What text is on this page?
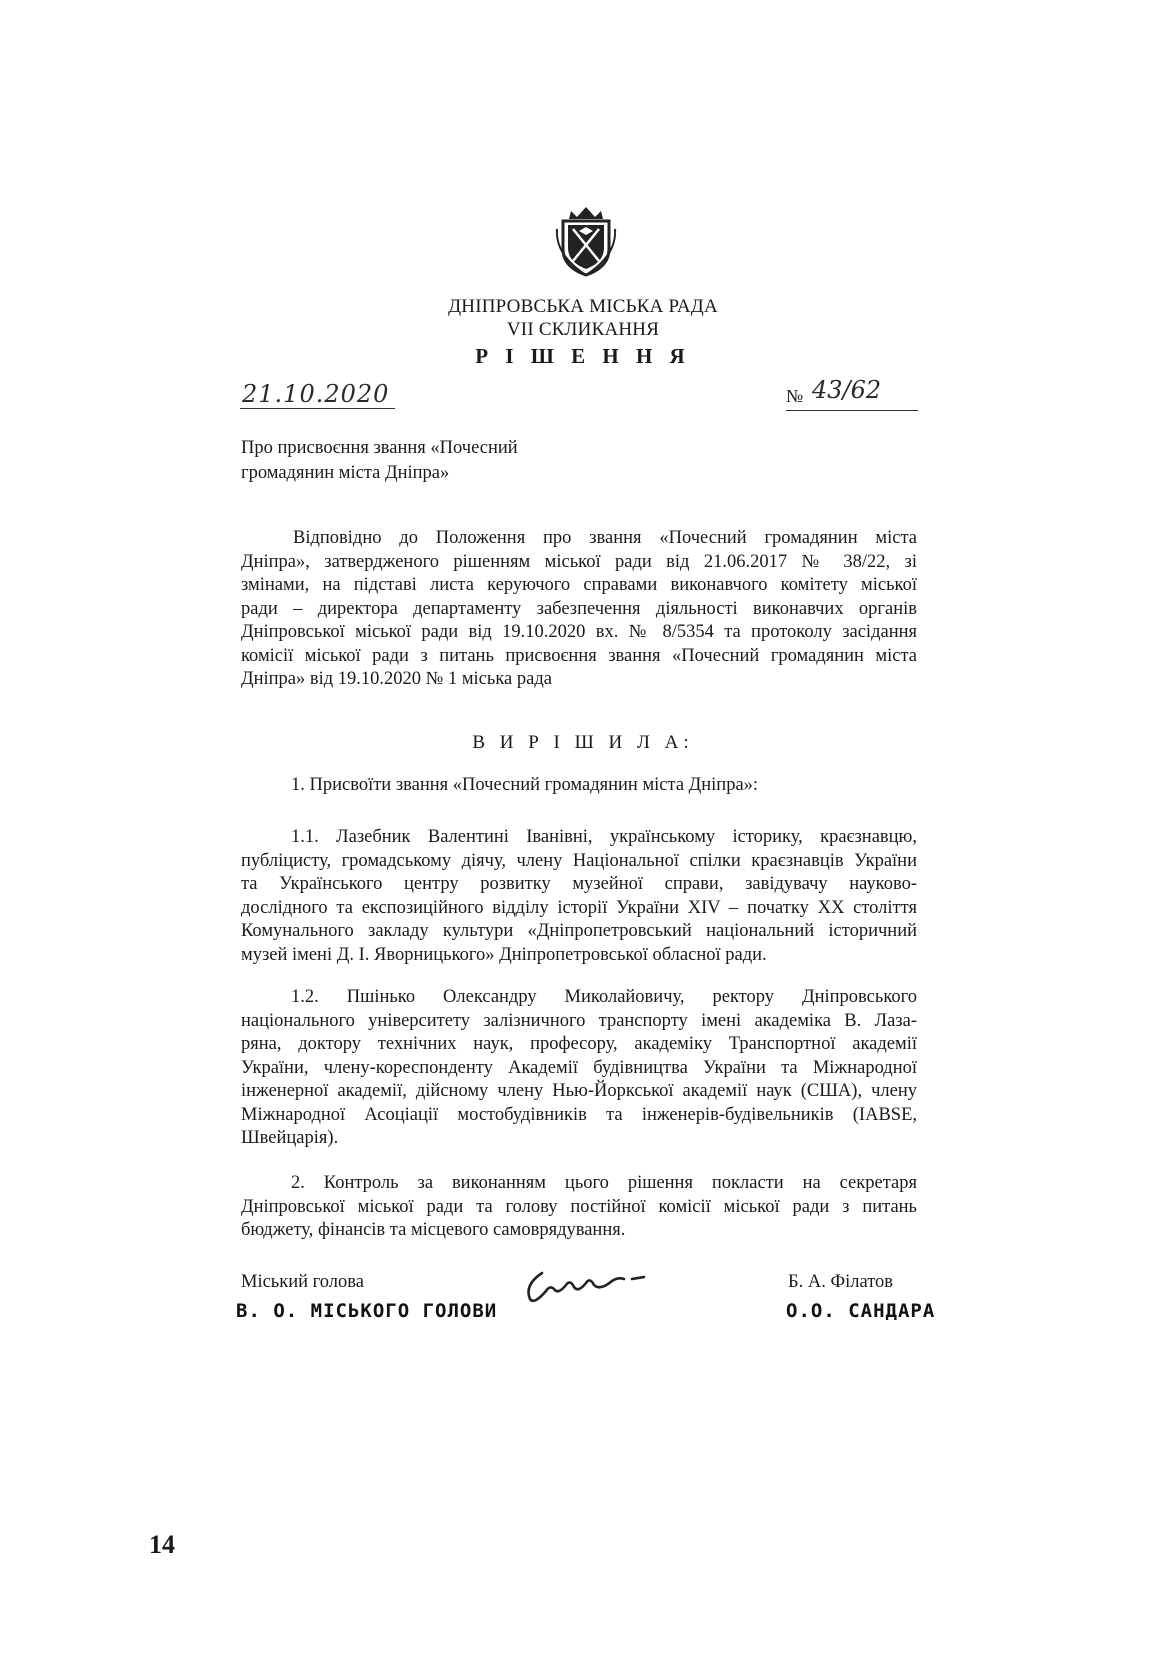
ДНІПРОВСЬКА МІСЬКА РАДА
VІІ СКЛИКАННЯ
Р І Ш Е Н Н Я
21.10.2020	№ 43/62
Про присвоєння звання «Почесний
громадянин міста Дніпра»
Відповідно до Положення про звання «Почесний громадянин міста
Дніпра», затвердженого рішенням міської ради від 21.06.2017 № 38/22, зі
змінами, на підставі листа керуючого справами виконавчого комітету міської
ради – директора департаменту забезпечення діяльності виконавчих органів
Дніпровської міської ради від 19.10.2020 вх. № 8/5354 та протоколу засідання
комісії міської ради з питань присвоєння звання «Почесний громадянин міста
Дніпра» від 19.10.2020 № 1 міська рада
В И Р І Ш И Л А:
1. Присвоїти звання «Почесний громадянин міста Дніпра»:
1.1. Лазебник Валентині Іванівні, українському історику, краєзнавцю,
публіцисту, громадському діячу, члену Національної спілки краєзнавців України
та Українського центру розвитку музейної справи, завідувачу науково-
дослідного та експозиційного відділу історії України XIV – початку XX століття
Комунального закладу культури «Дніпропетровський національний історичний
музей імені Д. І. Яворницького» Дніпропетровської обласної ради.
1.2. Пшінько Олександру Миколайовичу, ректору Дніпровського
національного університету залізничного транспорту імені академіка В. Лаза-
ряна, доктору технічних наук, професору, академіку Транспортної академії
України, члену-кореспонденту Академії будівництва України та Міжнародної
інженерної академії, дійсному члену Нью-Йоркської академії наук (США), члену
Міжнародної Асоціації мостобудівників та інженерів-будівельників (IABSE,
Швейцарія).
2. Контроль за виконанням цього рішення покласти на секретаря
Дніпровської міської ради та голову постійної комісії міської ради з питань
бюджету, фінансів та місцевого самоврядування.
Міський голова	Б. А. Філатов
В. О. МІСЬКОГО ГОЛОВИ	О.О. САНДАРА
14
